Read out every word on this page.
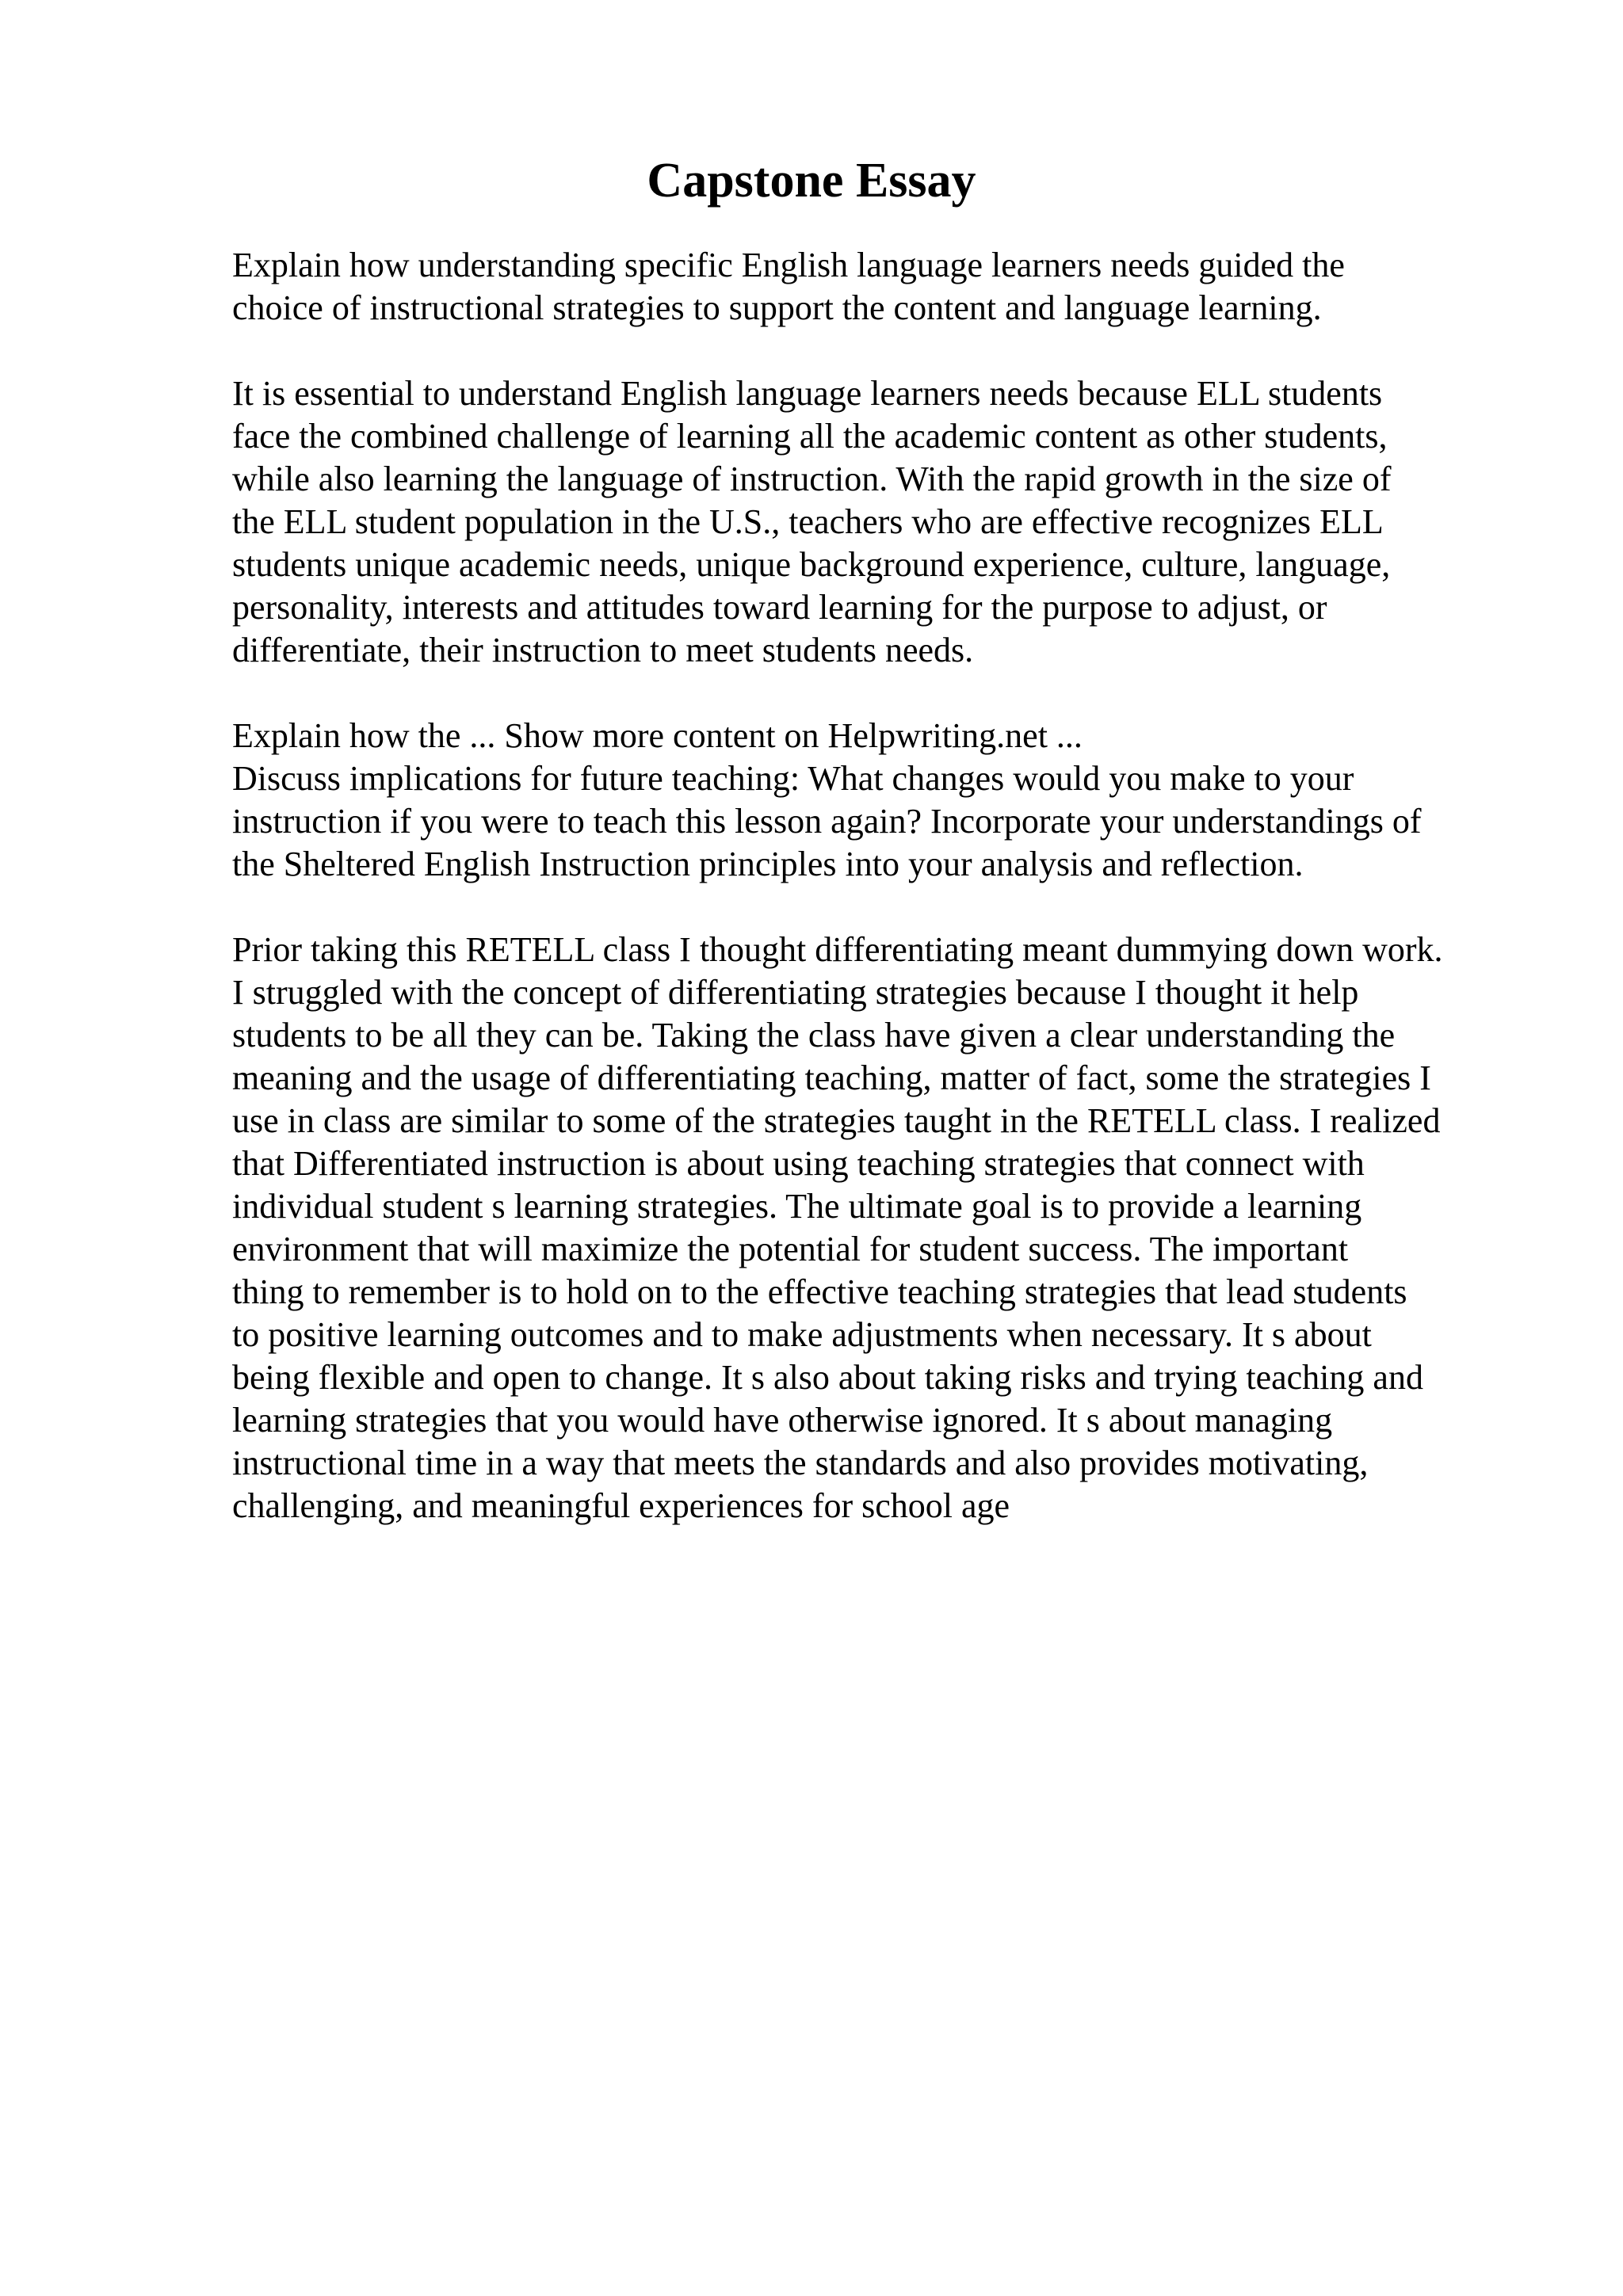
Capstone Essay
Explain how understanding specific English language learners needs guided the
choice of instructional strategies to support the content and language learning.
It is essential to understand English language learners needs because ELL students
face the combined challenge of learning all the academic content as other students,
while also learning the language of instruction. With the rapid growth in the size of
the ELL student population in the U.S., teachers who are effective recognizes ELL
students unique academic needs, unique background experience, culture, language,
personality, interests and attitudes toward learning for the purpose to adjust, or
differentiate, their instruction to meet students needs.
Explain how the ... Show more content on Helpwriting.net ...
Discuss implications for future teaching: What changes would you make to your
instruction if you were to teach this lesson again? Incorporate your understandings of
the Sheltered English Instruction principles into your analysis and reflection.
Prior taking this RETELL class I thought differentiating meant dummying down work.
I struggled with the concept of differentiating strategies because I thought it help
students to be all they can be. Taking the class have given a clear understanding the
meaning and the usage of differentiating teaching, matter of fact, some the strategies I
use in class are similar to some of the strategies taught in the RETELL class. I realized
that Differentiated instruction is about using teaching strategies that connect with
individual student s learning strategies. The ultimate goal is to provide a learning
environment that will maximize the potential for student success. The important
thing to remember is to hold on to the effective teaching strategies that lead students
to positive learning outcomes and to make adjustments when necessary. It s about
being flexible and open to change. It s also about taking risks and trying teaching and
learning strategies that you would have otherwise ignored. It s about managing
instructional time in a way that meets the standards and also provides motivating,
challenging, and meaningful experiences for school age
